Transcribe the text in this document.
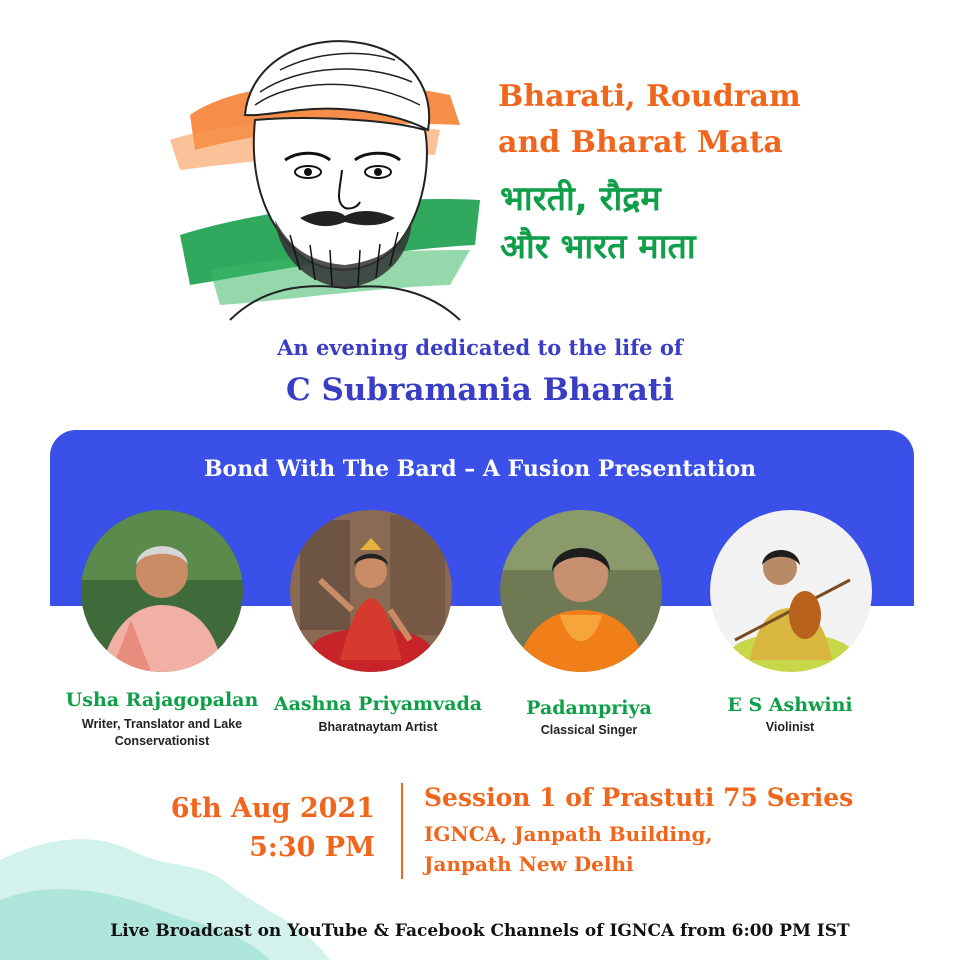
Bharati, Roudram
and Bharat Mata
भारती, रौद्रम
और भारत माता
An evening dedicated to the life of
C Subramania Bharati
Bond With The Bard – A Fusion Presentation
Usha Rajagopalan
Writer, Translator and Lake
Conservationist
Aashna Priyamvada
Bharatnaytam Artist
Padampriya
Classical Singer
E S Ashwini
Violinist
6th Aug 2021
5:30 PM
Session 1 of Prastuti 75 Series
IGNCA, Janpath Building,
Janpath New Delhi
Live Broadcast on YouTube & Facebook Channels of IGNCA from 6:00 PM IST
